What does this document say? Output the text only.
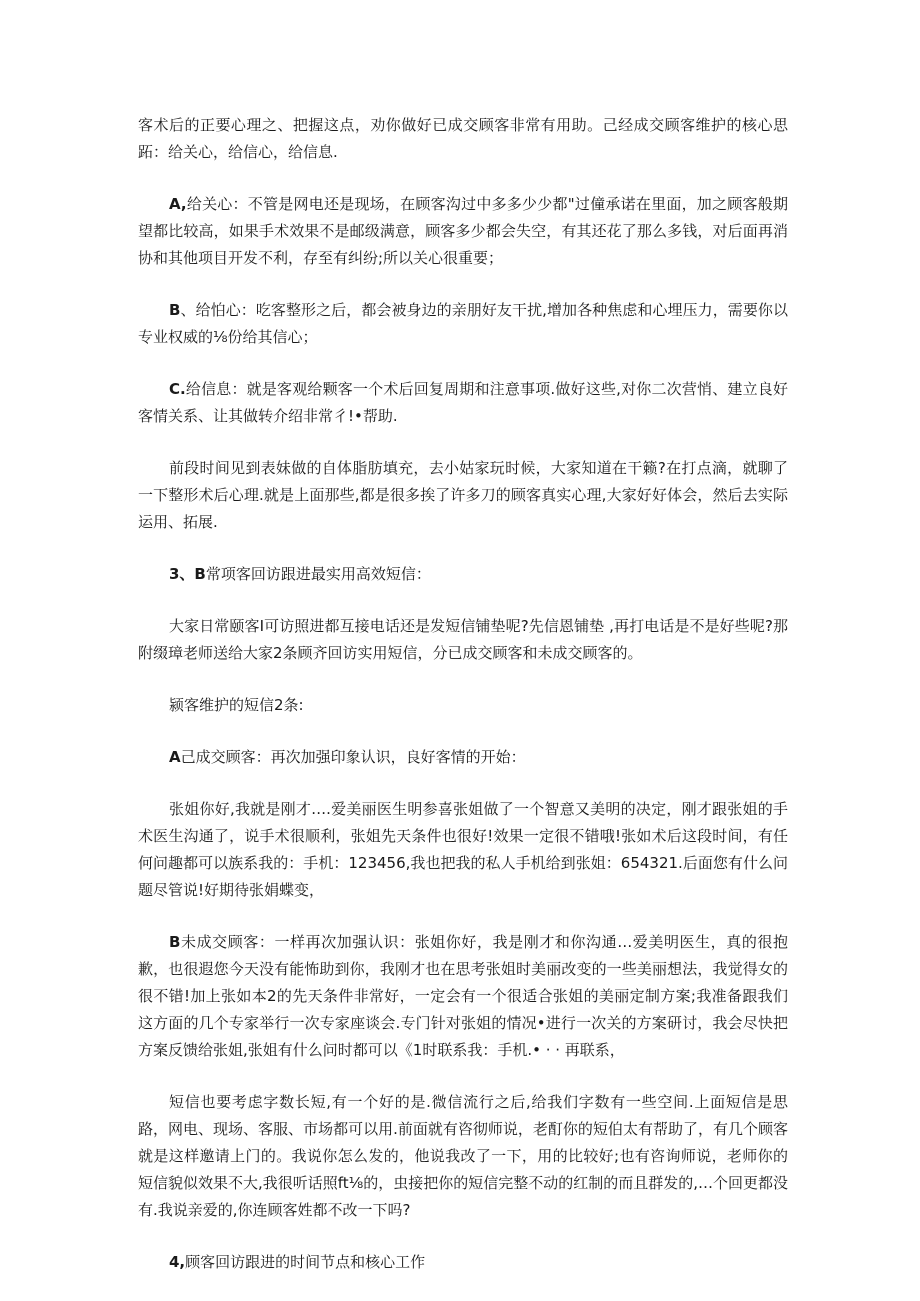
客术后的正要心理之、把握这点，劝你做好已成交顾客非常有用助。己经成交顾客维护的核心思跖：给关心，给信心，给信息.

A,给关心：不管是网电还是现场，在顾客沟过中多多少少都"过僮承诺在里面，加之顾客般期望都比较高，如果手术效果不是邮级满意，顾客多少都会失空，有其还花了那么多钱，对后面再消协和其他项目开发不利，存至有纠纷;所以关心很重要；

B、给怕心：吃客整形之后，都会被身边的亲朋好友干扰,增加各种焦虑和心埋压力，需要你以专业权威的⅛份给其信心；

C.给信息：就是客观给颗客一个术后回复周期和注意事项.做好这些,对你二次营悄、建立良好客情关系、让其做转介绍非常彳!•帮助.

前段时间见到表妹做的自体脂肪填充，去小姑家玩时候，大家知道在干籁?在打点滴，就聊了一下整形术后心理.就是上面那些,都是很多挨了许多刀的顾客真实心理,大家好好体会，然后去实际运用、拓展.

3、B常项客回访跟进最实用高效短信：

大家日常颐客I可访照进都互接电话还是发短信铺垫呢?先信恩铺垫 ,再打电话是不是好些呢?那附缀璋老师送给大家2条顾齐回访实用短信，分已成交顾客和未成交顾客的。

颍客维护的短信2条:

A己成交顾客：再次加强印象认识，良好客情的开始：

张姐你好,我就是刚才….爱美丽医生明参喜张姐做了一个智意又美明的决定，刚才跟张姐的手术医生沟通了，说手术很顺利，张姐先天条件也很好!效果一定很不错哦!张如术后这段时间，有任何问趣都可以族系我的：手机：123456,我也把我的私人手机给到张姐：654321.后面您有什么问题尽管说!好期待张娟蝶变，

B未成交顾客：一样再次加强认识：张姐你好，我是刚才和你沟通…爱美明医生，真的很抱歉，也很遐您今天没有能怖助到你，我刚才也在思考张姐时美丽改变的一些美丽想法，我觉得女的很不错!加上张如本2的先天条件非常好，一定会有一个很适合张姐的美丽定制方案;我准备跟我们这方面的几个专家举行一次专家座谈会.专门针对张姐的情况•进行一次关的方案研讨，我会尽快把方案反馈给张姐,张姐有什么问时都可以《1时联系我：手机.• · · 再联系，

短信也要考虑字数长短,有一个好的是.微信流行之后,给我们字数有一些空间.上面短信是思路，网电、现场、客服、市场都可以用.前面就有咨彻师说，老酊你的短伯太有帮助了，有几个顾客就是这样邀请上门的。我说你怎么发的，他说我改了一下，用的比较好;也有咨询师说，老师你的短信貌似效果不大,我很听话照ft⅛的，虫接把你的短信完整不动的红制的而且群发的,…个回更都没有.我说亲爱的,你连顾客姓都不改一下吗?

4,顾客回访跟进的时间节点和核心工作
